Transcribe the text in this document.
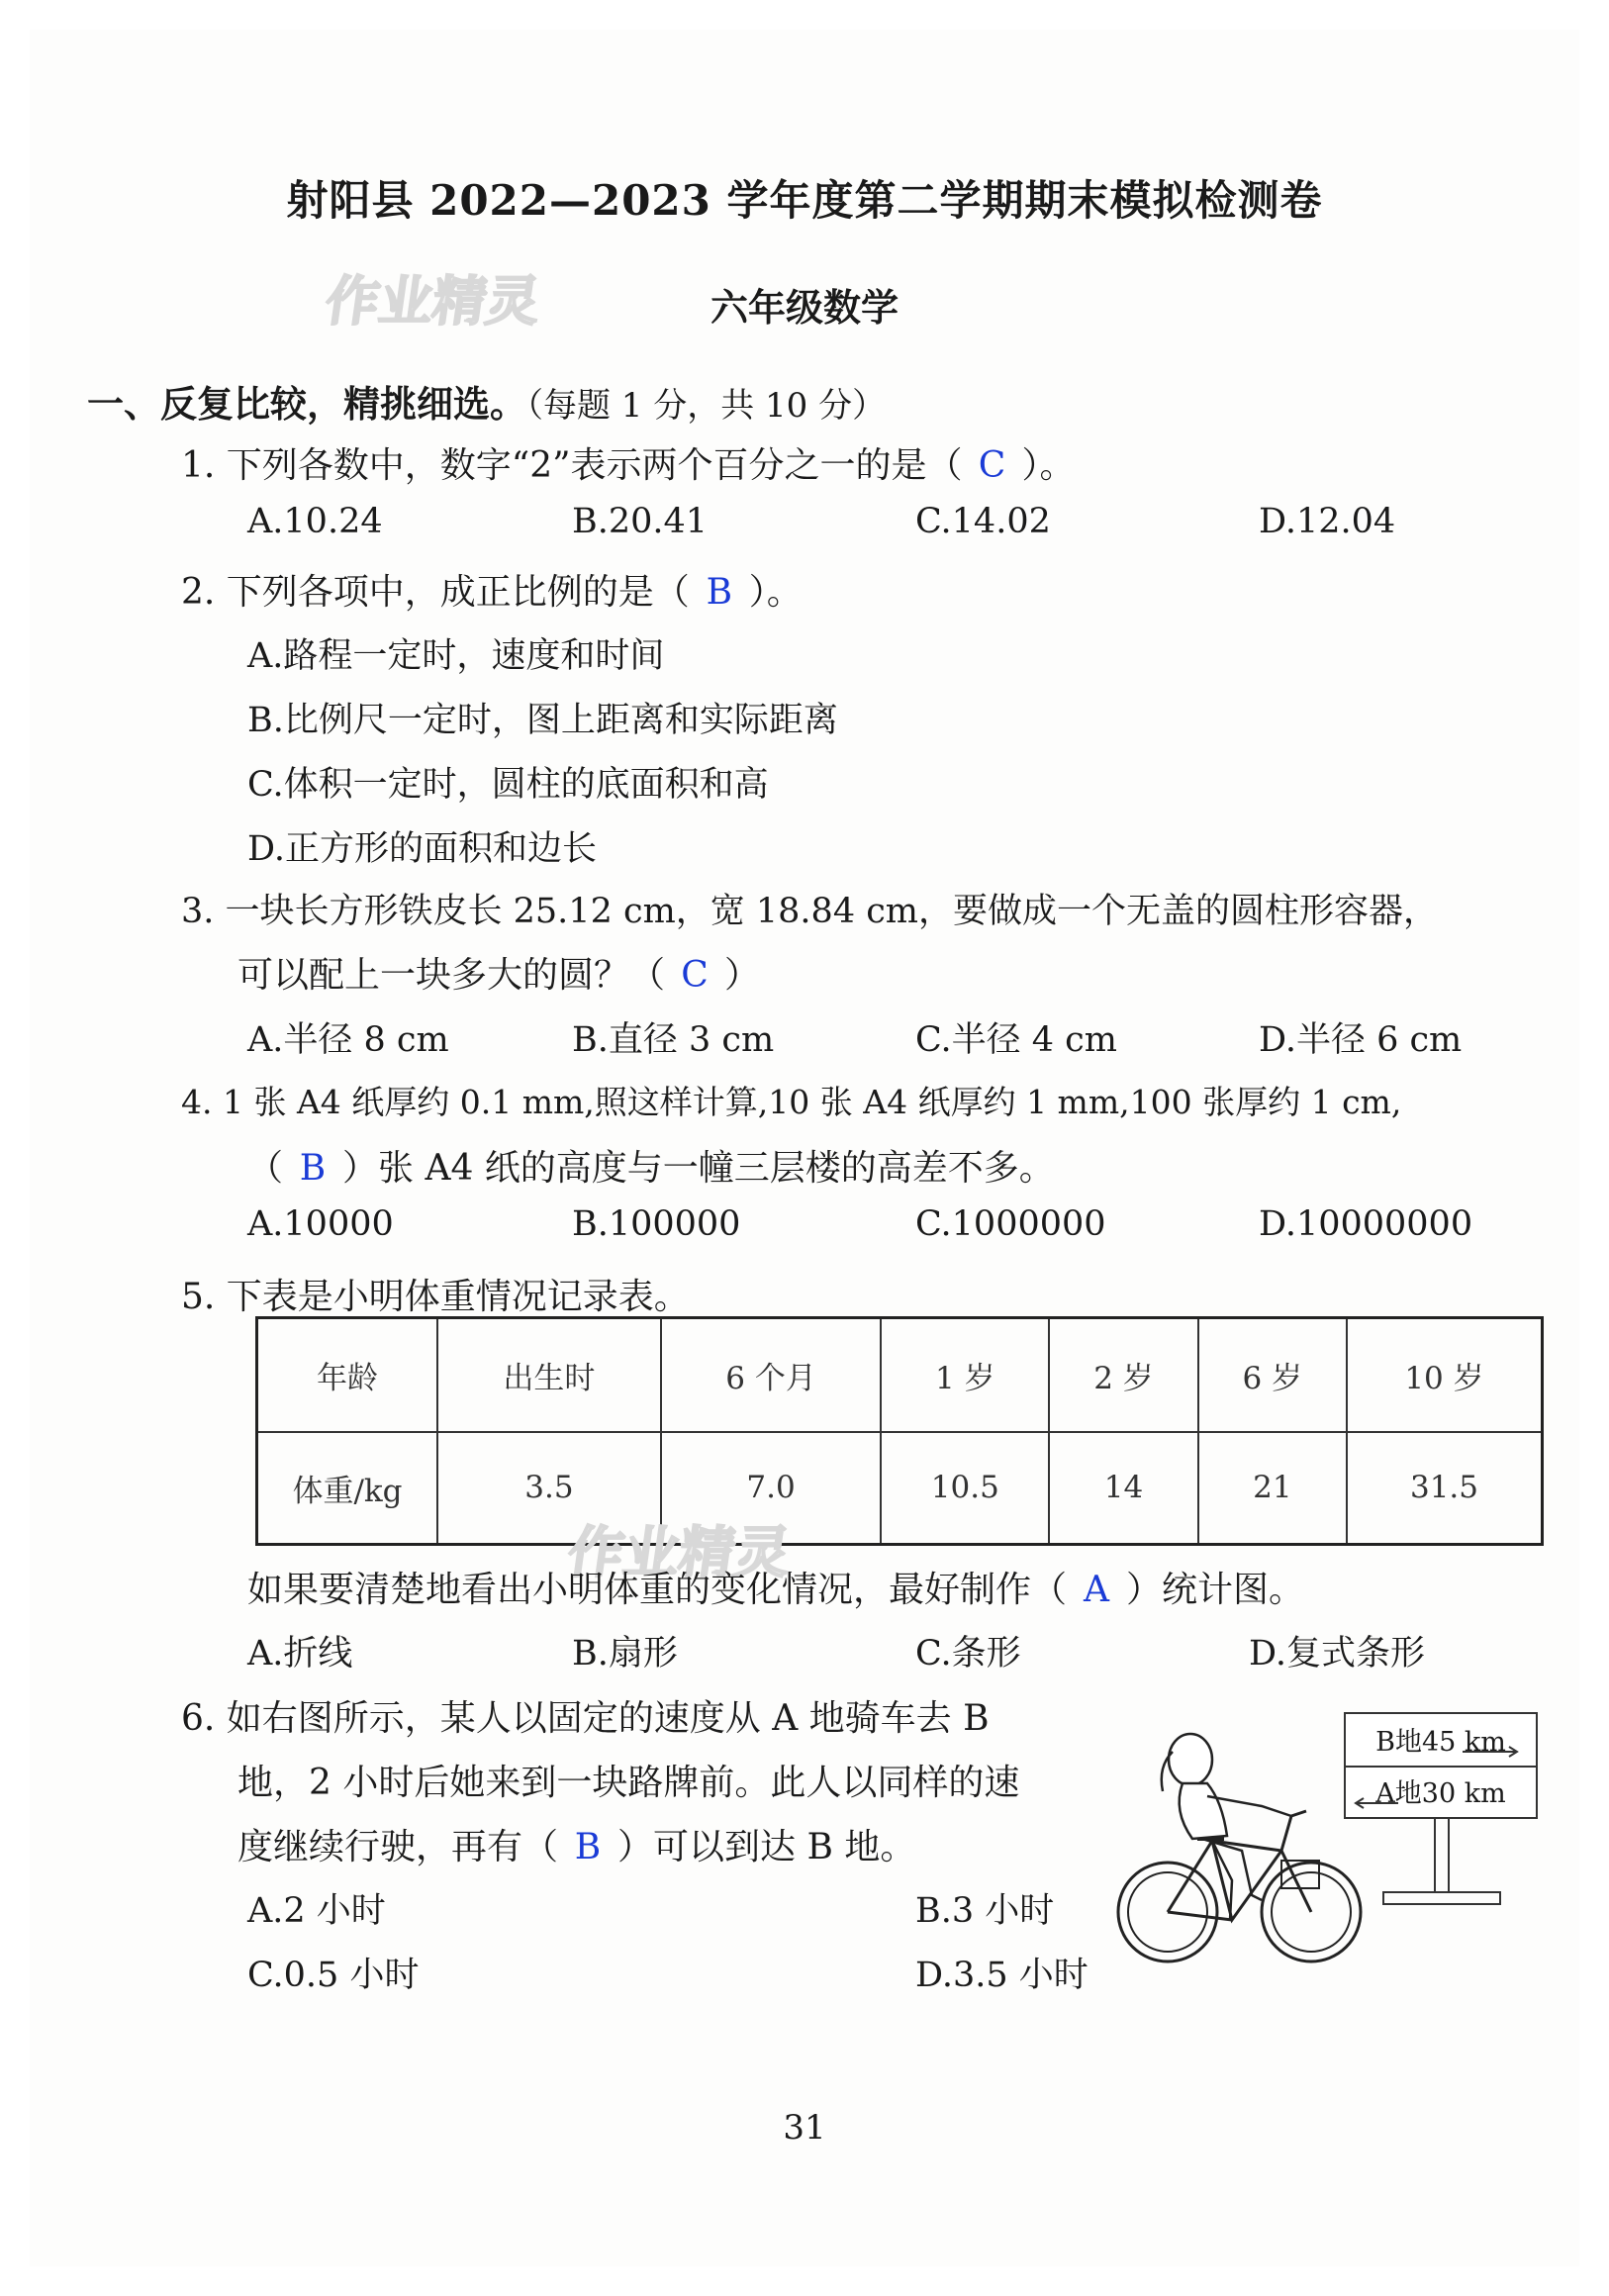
射阳县 2022—2023 学年度第二学期期末模拟检测卷
作业精灵	六年级数学
一、反复比较，精挑细选。（每题 1 分，共 10 分）
1. 下列各数中，数字“2”表示两个百分之一的是（ C ）。
A.10.24	B.20.41	C.14.02	D.12.04
2. 下列各项中，成正比例的是（ B ）。
A.路程一定时，速度和时间
B.比例尺一定时，图上距离和实际距离
C.体积一定时，圆柱的底面积和高
D.正方形的面积和边长
3. 一块长方形铁皮长 25.12 cm，宽 18.84 cm，要做成一个无盖的圆柱形容器，
可以配上一块多大的圆？（ C ）
A.半径 8 cm	B.直径 3 cm	C.半径 4 cm	D.半径 6 cm
4. 1 张 A4 纸厚约 0.1 mm,照这样计算,10 张 A4 纸厚约 1 mm,100 张厚约 1 cm,
（ B ）张 A4 纸的高度与一幢三层楼的高差不多。
A.10000	B.100000	C.1000000	D.10000000
5. 下表是小明体重情况记录表。
年龄	出生时	6 个月	1 岁	2 岁	6 岁	10 岁
体重/kg	3.5	7.0	10.5	14	21	31.5
作业精灵
如果要清楚地看出小明体重的变化情况，最好制作（ A ）统计图。
A.折线	B.扇形	C.条形	D.复式条形
6. 如右图所示，某人以固定的速度从 A 地骑车去 B
地，2 小时后她来到一块路牌前。此人以同样的速
度继续行驶，再有（ B ）可以到达 B 地。
A.2 小时	B.3 小时
C.0.5 小时	D.3.5 小时
B地45 km
A地30 km
31
